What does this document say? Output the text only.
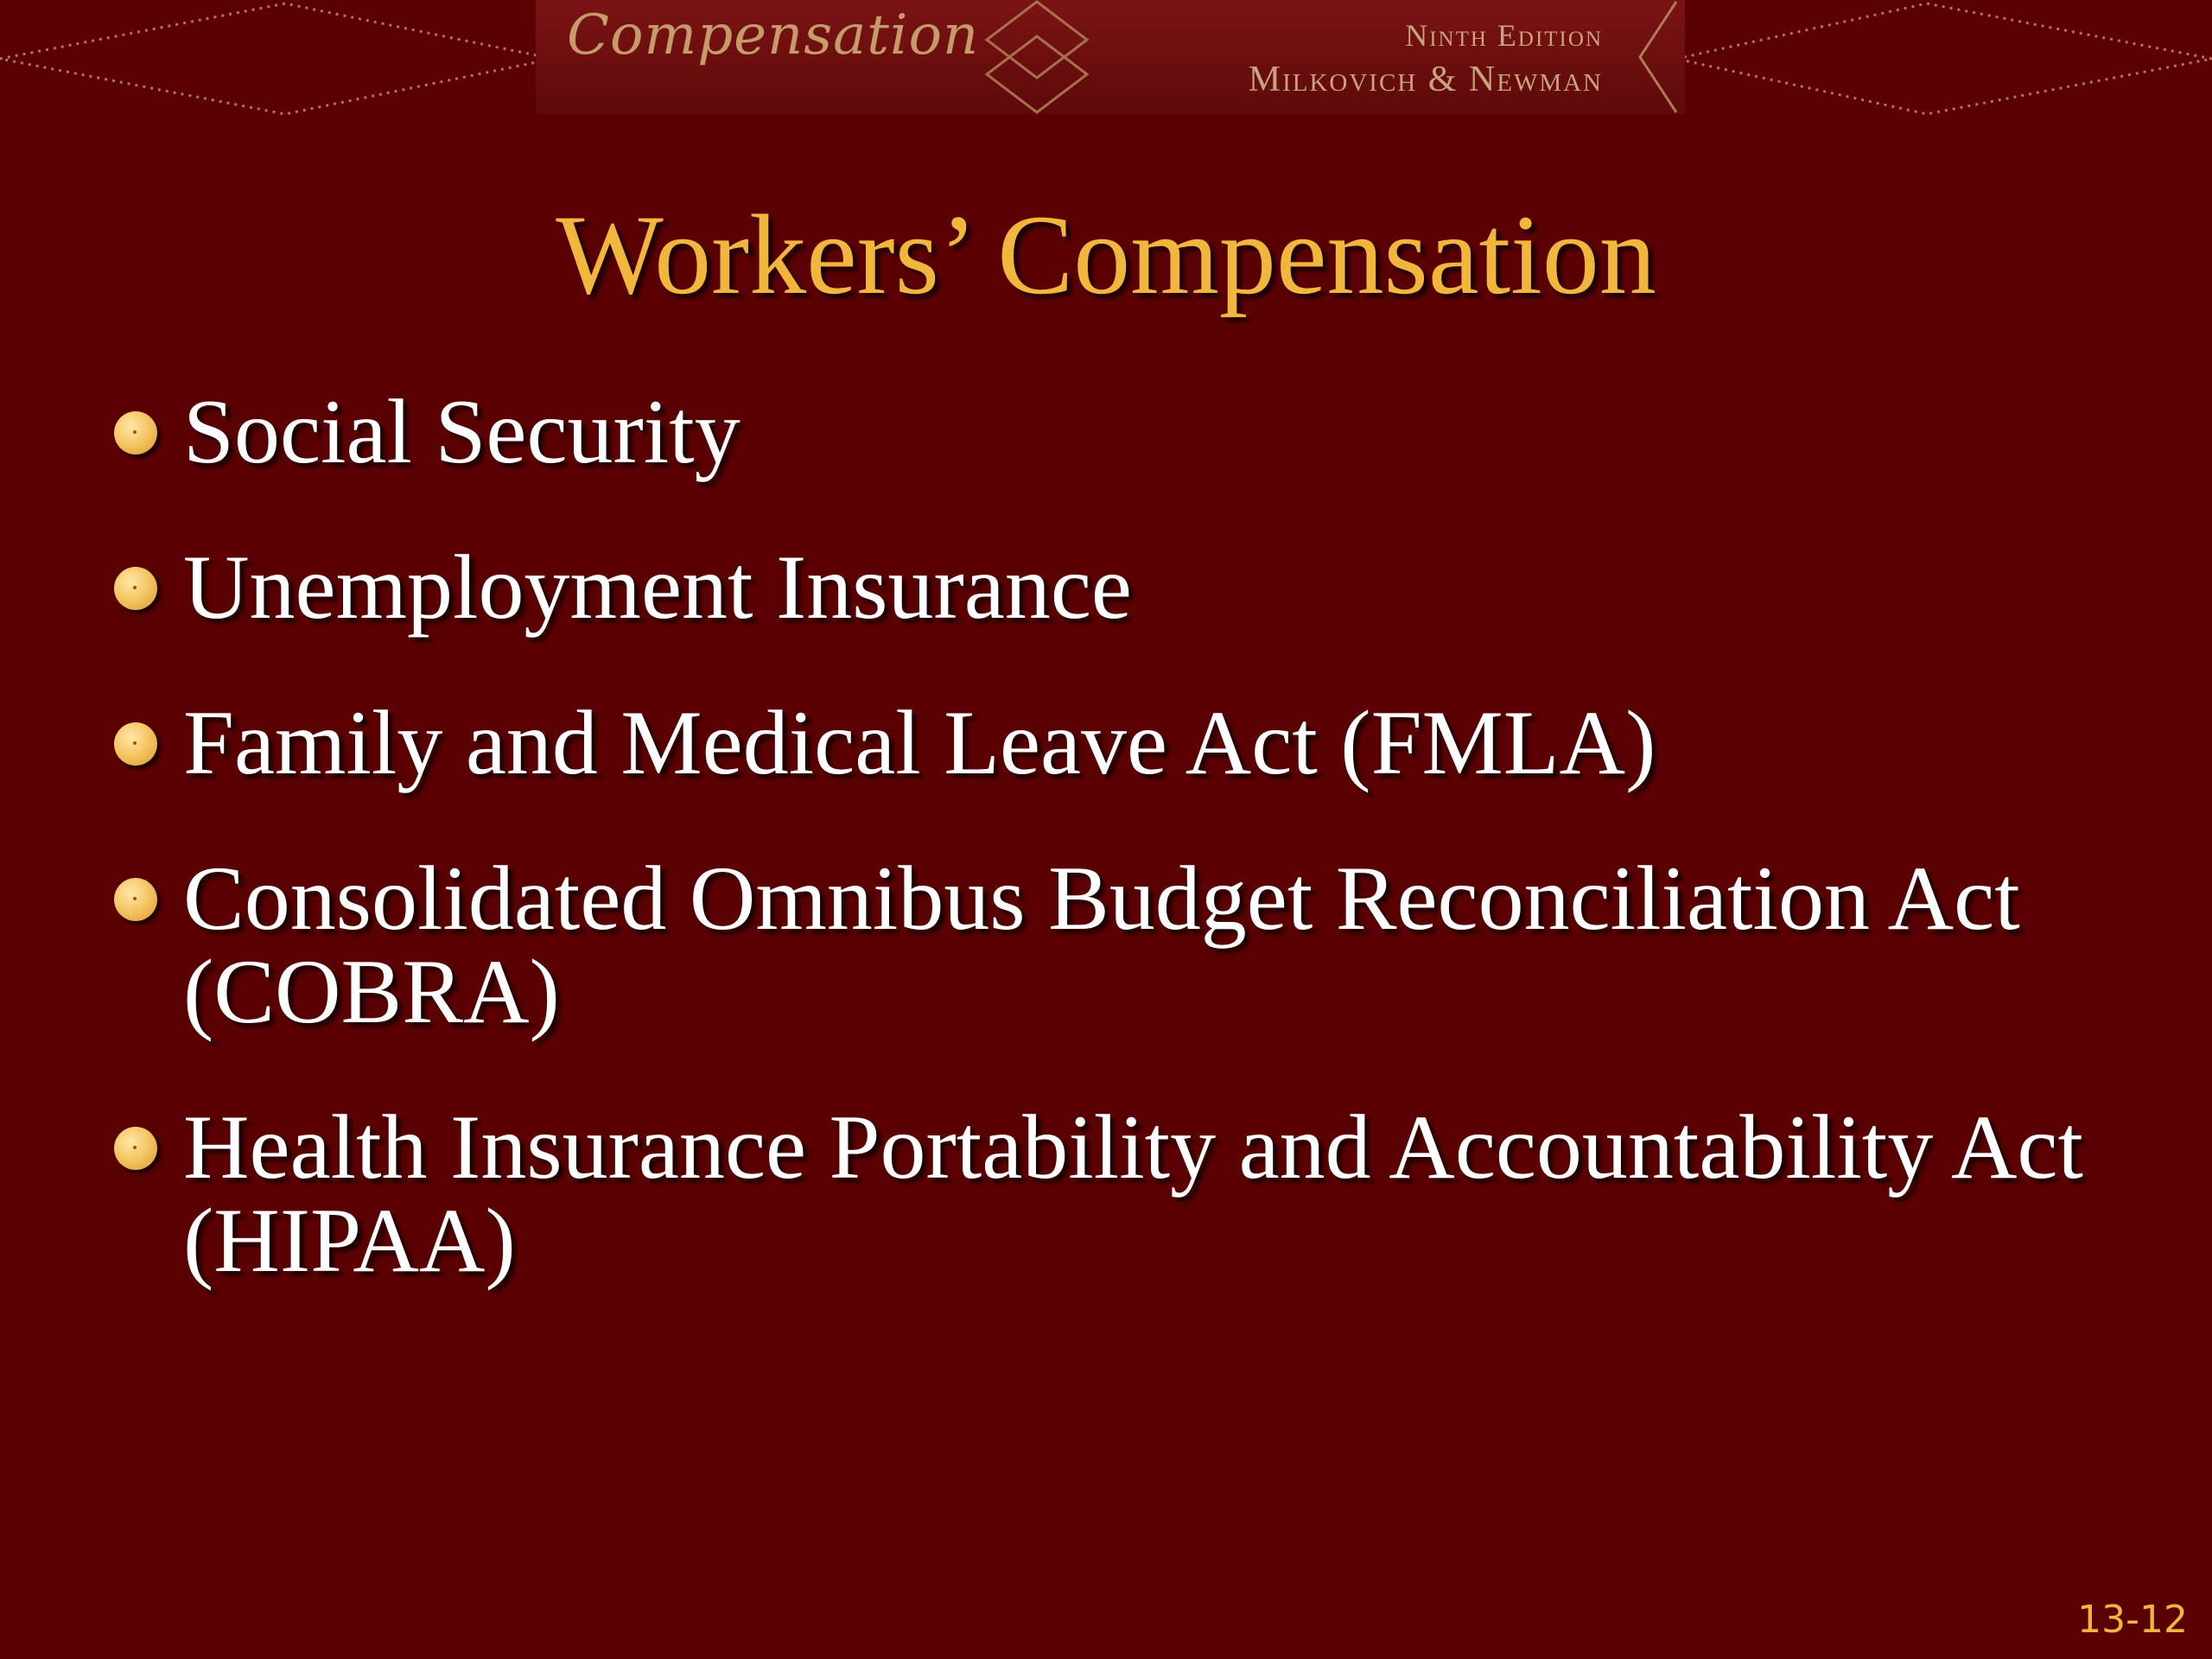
Compensation	Ninth Edition
Milkovich & Newman
Workers’ Compensation
Social Security
Unemployment Insurance
Family and Medical Leave Act (FMLA)
Consolidated Omnibus Budget Reconciliation Act (COBRA)
Health Insurance Portability and Accountability Act (HIPAA)
13-12
